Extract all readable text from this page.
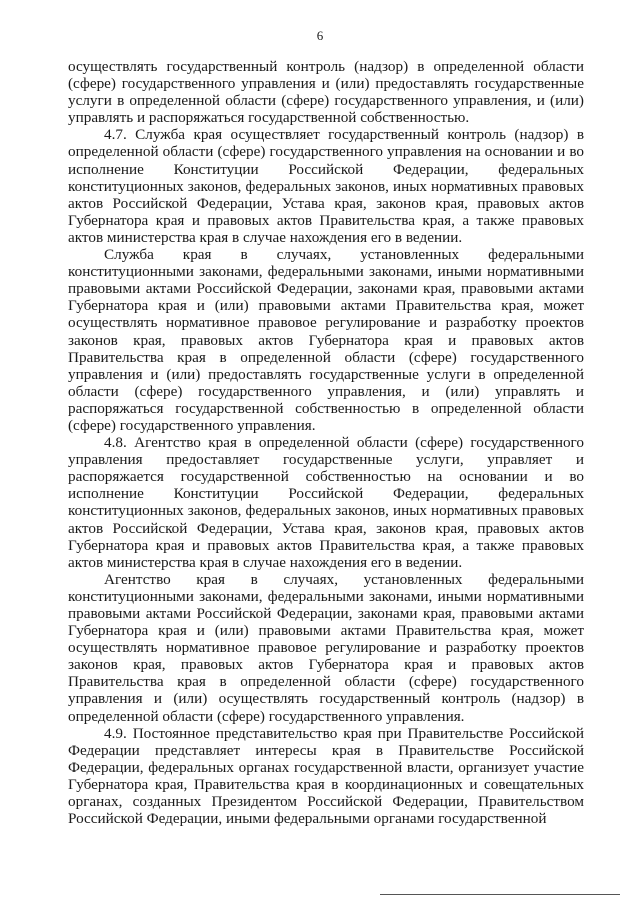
6

осуществлять государственный контроль (надзор) в определенной области (сфере) государственного управления и (или) предоставлять государственные услуги в определенной области (сфере) государственного управления, и (или) управлять и распоряжаться государственной собственностью.

4.7. Служба края осуществляет государственный контроль (надзор) в определенной области (сфере) государственного управления на основании и во исполнение Конституции Российской Федерации, федеральных конституционных законов, федеральных законов, иных нормативных правовых актов Российской Федерации, Устава края, законов края, правовых актов Губернатора края и правовых актов Правительства края, а также правовых актов министерства края в случае нахождения его в ведении.

Служба края в случаях, установленных федеральными конституционными законами, федеральными законами, иными нормативными правовыми актами Российской Федерации, законами края, правовыми актами Губернатора края и (или) правовыми актами Правительства края, может осуществлять нормативное правовое регулирование и разработку проектов законов края, правовых актов Губернатора края и правовых актов Правительства края в определенной области (сфере) государственного управления и (или) предоставлять государственные услуги в определенной области (сфере) государственного управления, и (или) управлять и распоряжаться государственной собственностью в определенной области (сфере) государственного управления.

4.8. Агентство края в определенной области (сфере) государственного управления предоставляет государственные услуги, управляет и распоряжается государственной собственностью на основании и во исполнение Конституции Российской Федерации, федеральных конституционных законов, федеральных законов, иных нормативных правовых актов Российской Федерации, Устава края, законов края, правовых актов Губернатора края и правовых актов Правительства края, а также правовых актов министерства края в случае нахождения его в ведении.

Агентство края в случаях, установленных федеральными конституционными законами, федеральными законами, иными нормативными правовыми актами Российской Федерации, законами края, правовыми актами Губернатора края и (или) правовыми актами Правительства края, может осуществлять нормативное правовое регулирование и разработку проектов законов края, правовых актов Губернатора края и правовых актов Правительства края в определенной области (сфере) государственного управления и (или) осуществлять государственный контроль (надзор) в определенной области (сфере) государственного управления.

4.9. Постоянное представительство края при Правительстве Российской Федерации представляет интересы края в Правительстве Российской Федерации, федеральных органах государственной власти, организует участие Губернатора края, Правительства края в координационных и совещательных органах, созданных Президентом Российской Федерации, Правительством Российской Федерации, иными федеральными органами государственной
